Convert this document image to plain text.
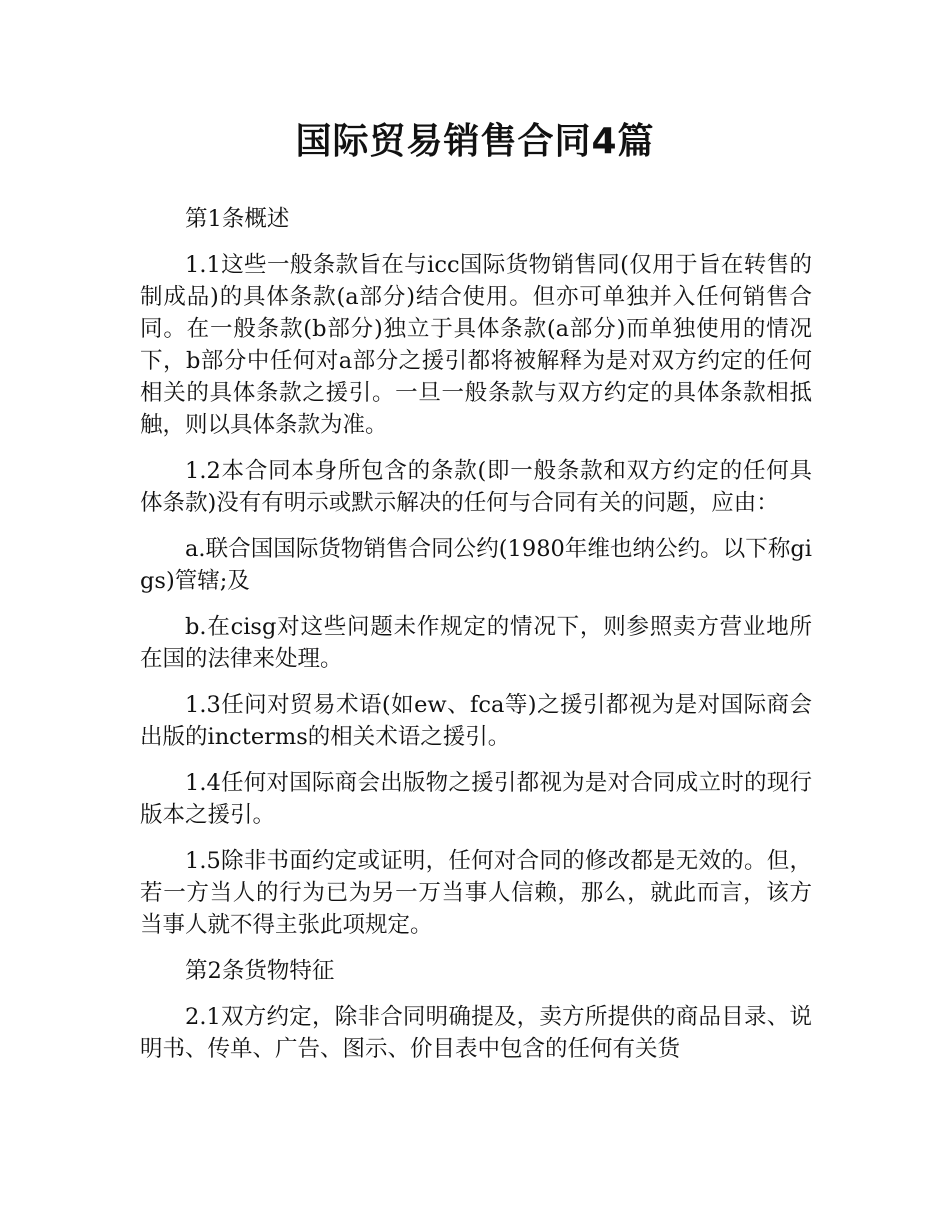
国际贸易销售合同4篇

第1条概述

1.1这些一般条款旨在与icc国际货物销售同(仅用于旨在转售的制成品)的具体条款(a部分)结合使用。但亦可单独并入任何销售合同。在一般条款(b部分)独立于具体条款(a部分)而单独使用的情况下，b部分中任何对a部分之援引都将被解释为是对双方约定的任何相关的具体条款之援引。一旦一般条款与双方约定的具体条款相抵触，则以具体条款为准。

1.2本合同本身所包含的条款(即一般条款和双方约定的任何具体条款)没有有明示或默示解决的任何与合同有关的问题，应由：

a.联合国国际货物销售合同公约(1980年维也纳公约。以下称gigs)管辖;及

b.在cisg对这些问题未作规定的情况下，则参照卖方营业地所在国的法律来处理。

1.3任问对贸易术语(如ew、fca等)之援引都视为是对国际商会出版的incterms的相关术语之援引。

1.4任何对国际商会出版物之援引都视为是对合同成立时的现行版本之援引。

1.5除非书面约定或证明，任何对合同的修改都是无效的。但，若一方当人的行为已为另一万当事人信赖，那么，就此而言，该方当事人就不得主张此项规定。

第2条货物特征

2.1双方约定，除非合同明确提及，卖方所提供的商品目录、说明书、传单、广告、图示、价目表中包含的任何有关货
